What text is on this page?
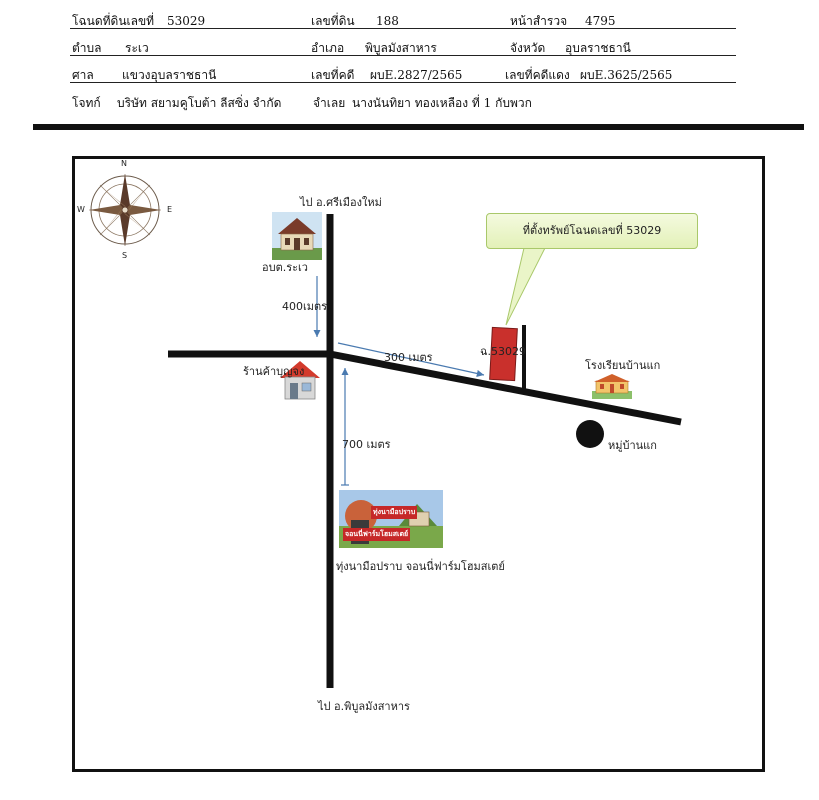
โฉนดที่ดินเลขที่ 53029	เลขที่ดิน 188	หน้าสำรวจ 4795
ตำบล ระเว	อำเภอ พิบูลมังสาหาร	จังหวัด อุบลราชธานี
ศาล แขวงอุบลราชธานี	เลขที่คดี ผบE.2827/2565	เลขที่คดีแดง ผบE.3625/2565
โจทก์ บริษัท สยามคูโบต้า ลีสซิ่ง จำกัด	จำเลย นางนันทิยา ทองเหลือง ที่ 1 กับพวก
N
S
W	E
ที่ตั้งทรัพย์โฉนดเลขที่ 53029
ทุ่งนามือปราบ
จอนนี่ฟาร์มโฮมสเตย์
ไป อ.ศรีเมืองใหม่
อบต.ระเว
400เมตร
300 เมตร	ฉ.53029
ร้านค้าบุญจง	โรงเรียนบ้านแก
หมู่บ้านแก
700 เมตร
ทุ่งนามือปราบ จอนนี่ฟาร์มโฮมสเตย์
ไป อ.พิบูลมังสาหาร
